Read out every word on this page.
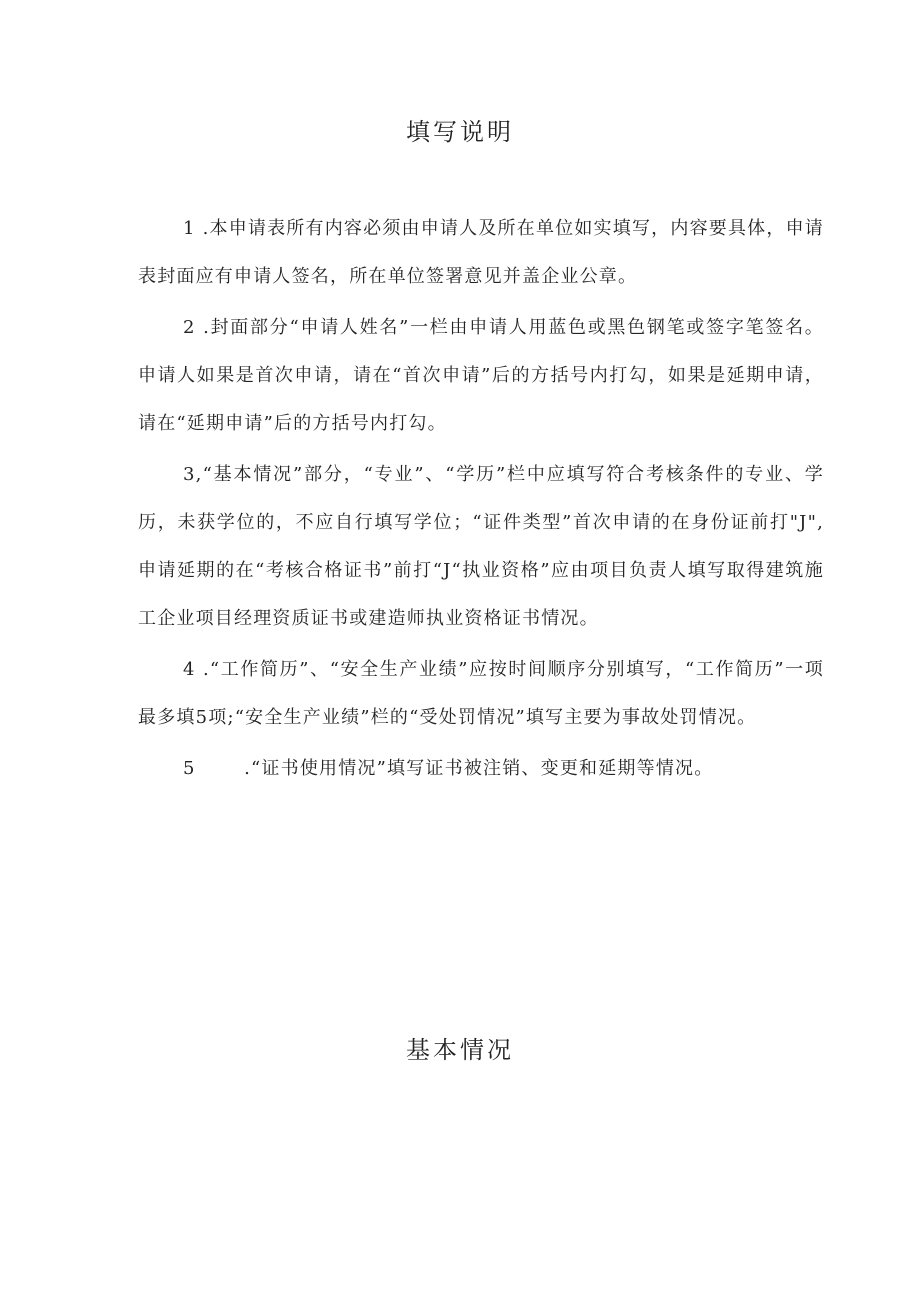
填写说明

1 .本申请表所有内容必须由申请人及所在单位如实填写，内容要具体，申请表封面应有申请人签名，所在单位签署意见并盖企业公章。

2 .封面部分“申请人姓名”一栏由申请人用蓝色或黑色钢笔或签字笔签名。申请人如果是首次申请，请在“首次申请”后的方括号内打勾，如果是延期申请，请在“延期申请”后的方括号内打勾。

3,“基本情况”部分，“专业”、“学历”栏中应填写符合考核条件的专业、学历，未获学位的，不应自行填写学位；“证件类型”首次申请的在身份证前打"J",申请延期的在“考核合格证书”前打“J“执业资格”应由项目负责人填写取得建筑施工企业项目经理资质证书或建造师执业资格证书情况。

4 .“工作简历”、“安全生产业绩”应按时间顺序分别填写，“工作简历”一项最多填5项;“安全生产业绩”栏的“受处罚情况”填写主要为事故处罚情况。

5       .“证书使用情况”填写证书被注销、变更和延期等情况。

基本情况
